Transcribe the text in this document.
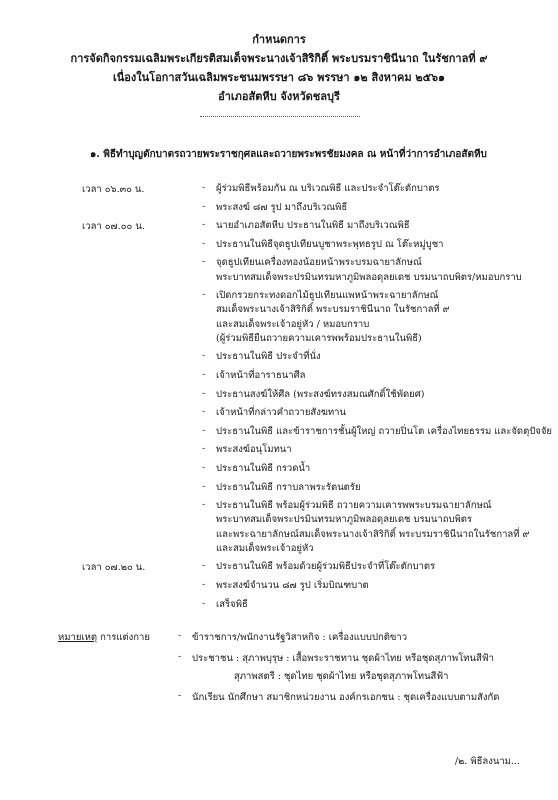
กำหนดการ
การจัดกิจกรรมเฉลิมพระเกียรติสมเด็จพระนางเจ้าสิริกิติ์ พระบรมราชินีนาถ ในรัชกาลที่ ๙
เนื่องในโอกาสวันเฉลิมพระชนมพรรษา ๘๖ พรรษา ๑๒ สิงหาคม ๒๕๖๑
อำเภอสัตหีบ จังหวัดชลบุรี
๑. พิธีทำบุญตักบาตรถวายพระราชกุศลและถวายพระพรชัยมงคล ณ หน้าที่ว่าการอำเภอสัตหีบ
เวลา ๐๖.๓๐ น.	- ผู้ร่วมพิธีพร้อมกัน ณ บริเวณพิธี และประจำโต๊ะตักบาตร
- พระสงฆ์ ๘๗ รูป มาถึงบริเวณพิธี
เวลา ๐๗.๐๐ น.	- นายอำเภอสัตหีบ ประธานในพิธี มาถึงบริเวณพิธี
- ประธานในพิธีจุดธูปเทียนบูชาพระพุทธรูป ณ โต๊ะหมู่บูชา
- จุดธูปเทียนเครื่องทองน้อยหน้าพระบรมฉายาลักษณ์
พระบาทสมเด็จพระปรมินทรมหาภูมิพลอดุลยเดช บรมนาถบพิตร/หมอบกราบ
- เปิดกรวยกระทงดอกไม้ธูปเทียนแพหน้าพระฉายาลักษณ์
สมเด็จพระนางเจ้าสิริกิติ์ พระบรมราชินีนาถ ในรัชกาลที่ ๙
และสมเด็จพระเจ้าอยู่หัว / หมอบกราบ
(ผู้ร่วมพิธียืนถวายความเคารพพร้อมประธานในพิธี)
- ประธานในพิธี ประจำที่นั่ง
- เจ้าหน้าที่อาราธนาศีล
- ประธานสงฆ์ให้ศีล (พระสงฆ์ทรงสมณศักดิ์ใช้พัดยศ)
- เจ้าหน้าที่กล่าวคำถวายสังฆทาน
- ประธานในพิธี และข้าราชการชั้นผู้ใหญ่ ถวายปิ่นโต เครื่องไทยธรรม และจัดตุปัจจัย
- พระสงฆ์อนุโมทนา
- ประธานในพิธี กรวดน้ำ
- ประธานในพิธี กราบลาพระรัตนตรัย
- ประธานในพิธี พร้อมผู้ร่วมพิธี ถวายความเคารพพระบรมฉายาลักษณ์
พระบาทสมเด็จพระปรมินทรมหาภูมิพลอดุลยเดช บรมนาถบพิตร
และพระฉายาลักษณ์สมเด็จพระนางเจ้าสิริกิติ์ พระบรมราชินีนาถในรัชกาลที่ ๙
และสมเด็จพระเจ้าอยู่หัว
เวลา ๐๗.๒๐ น.	- ประธานในพิธี พร้อมด้วยผู้ร่วมพิธีประจำที่โต๊ะตักบาตร
- พระสงฆ์จำนวน ๘๗ รูป เริ่มบิณฑบาต
- เสร็จพิธี
หมายเหตุ การแต่งกาย	- ข้าราชการ/พนักงานรัฐวิสาหกิจ : เครื่องแบบปกติขาว
- ประชาชน : สุภาพบุรุษ : เสื้อพระราชทาน ชุดผ้าไทย หรือชุดสุภาพโทนสีฟ้า
สุภาพสตรี : ชุดไทย ชุดผ้าไทย หรือชุดสุภาพโทนสีฟ้า
- นักเรียน นักศึกษา สมาชิกหน่วยงาน องค์กรเอกชน : ชุดเครื่องแบบตามสังกัด
/๒. พิธีลงนาม...
